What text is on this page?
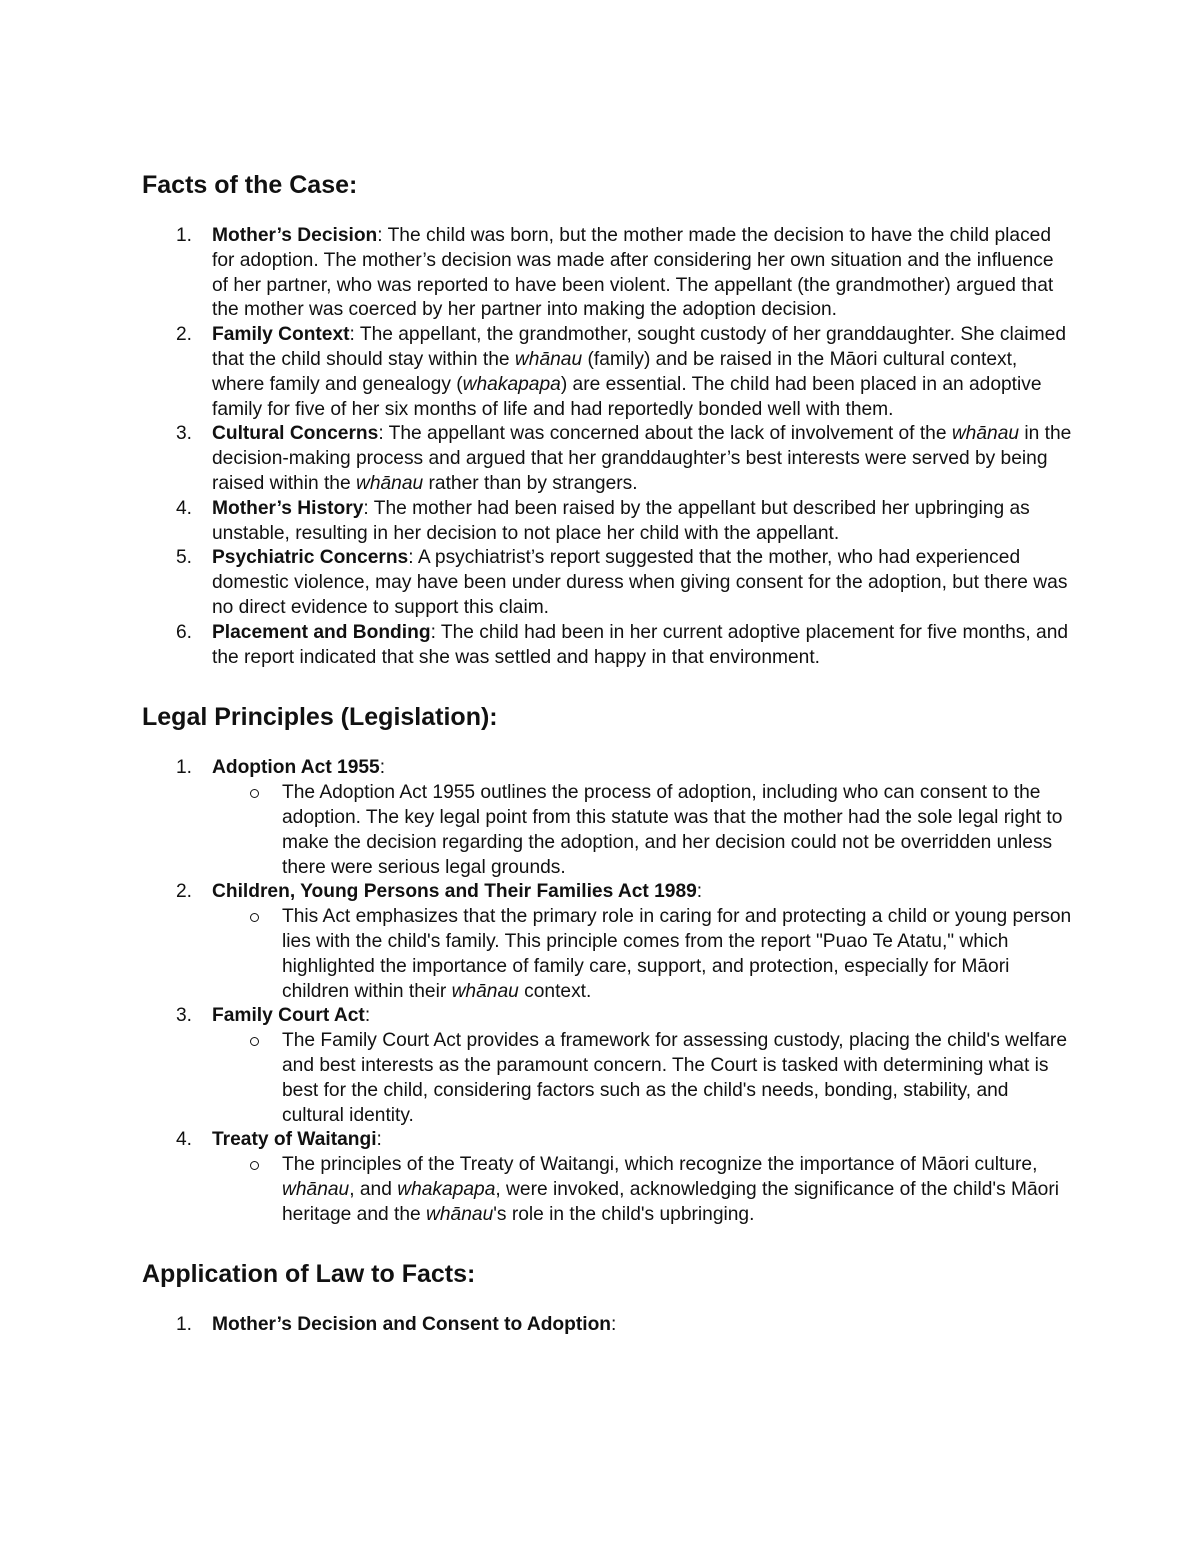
Facts of the Case:
1. Mother’s Decision: The child was born, but the mother made the decision to have the child placed for adoption. The mother’s decision was made after considering her own situation and the influence of her partner, who was reported to have been violent. The appellant (the grandmother) argued that the mother was coerced by her partner into making the adoption decision.
2. Family Context: The appellant, the grandmother, sought custody of her granddaughter. She claimed that the child should stay within the whānau (family) and be raised in the Māori cultural context, where family and genealogy (whakapapa) are essential. The child had been placed in an adoptive family for five of her six months of life and had reportedly bonded well with them.
3. Cultural Concerns: The appellant was concerned about the lack of involvement of the whānau in the decision-making process and argued that her granddaughter’s best interests were served by being raised within the whānau rather than by strangers.
4. Mother’s History: The mother had been raised by the appellant but described her upbringing as unstable, resulting in her decision to not place her child with the appellant.
5. Psychiatric Concerns: A psychiatrist’s report suggested that the mother, who had experienced domestic violence, may have been under duress when giving consent for the adoption, but there was no direct evidence to support this claim.
6. Placement and Bonding: The child had been in her current adoptive placement for five months, and the report indicated that she was settled and happy in that environment.
Legal Principles (Legislation):
1. Adoption Act 1955:
The Adoption Act 1955 outlines the process of adoption, including who can consent to the adoption. The key legal point from this statute was that the mother had the sole legal right to make the decision regarding the adoption, and her decision could not be overridden unless there were serious legal grounds.
2. Children, Young Persons and Their Families Act 1989:
This Act emphasizes that the primary role in caring for and protecting a child or young person lies with the child's family. This principle comes from the report "Puao Te Atatu," which highlighted the importance of family care, support, and protection, especially for Māori children within their whānau context.
3. Family Court Act:
The Family Court Act provides a framework for assessing custody, placing the child's welfare and best interests as the paramount concern. The Court is tasked with determining what is best for the child, considering factors such as the child's needs, bonding, stability, and cultural identity.
4. Treaty of Waitangi:
The principles of the Treaty of Waitangi, which recognize the importance of Māori culture, whānau, and whakapapa, were invoked, acknowledging the significance of the child's Māori heritage and the whānau's role in the child's upbringing.
Application of Law to Facts:
1. Mother’s Decision and Consent to Adoption:
